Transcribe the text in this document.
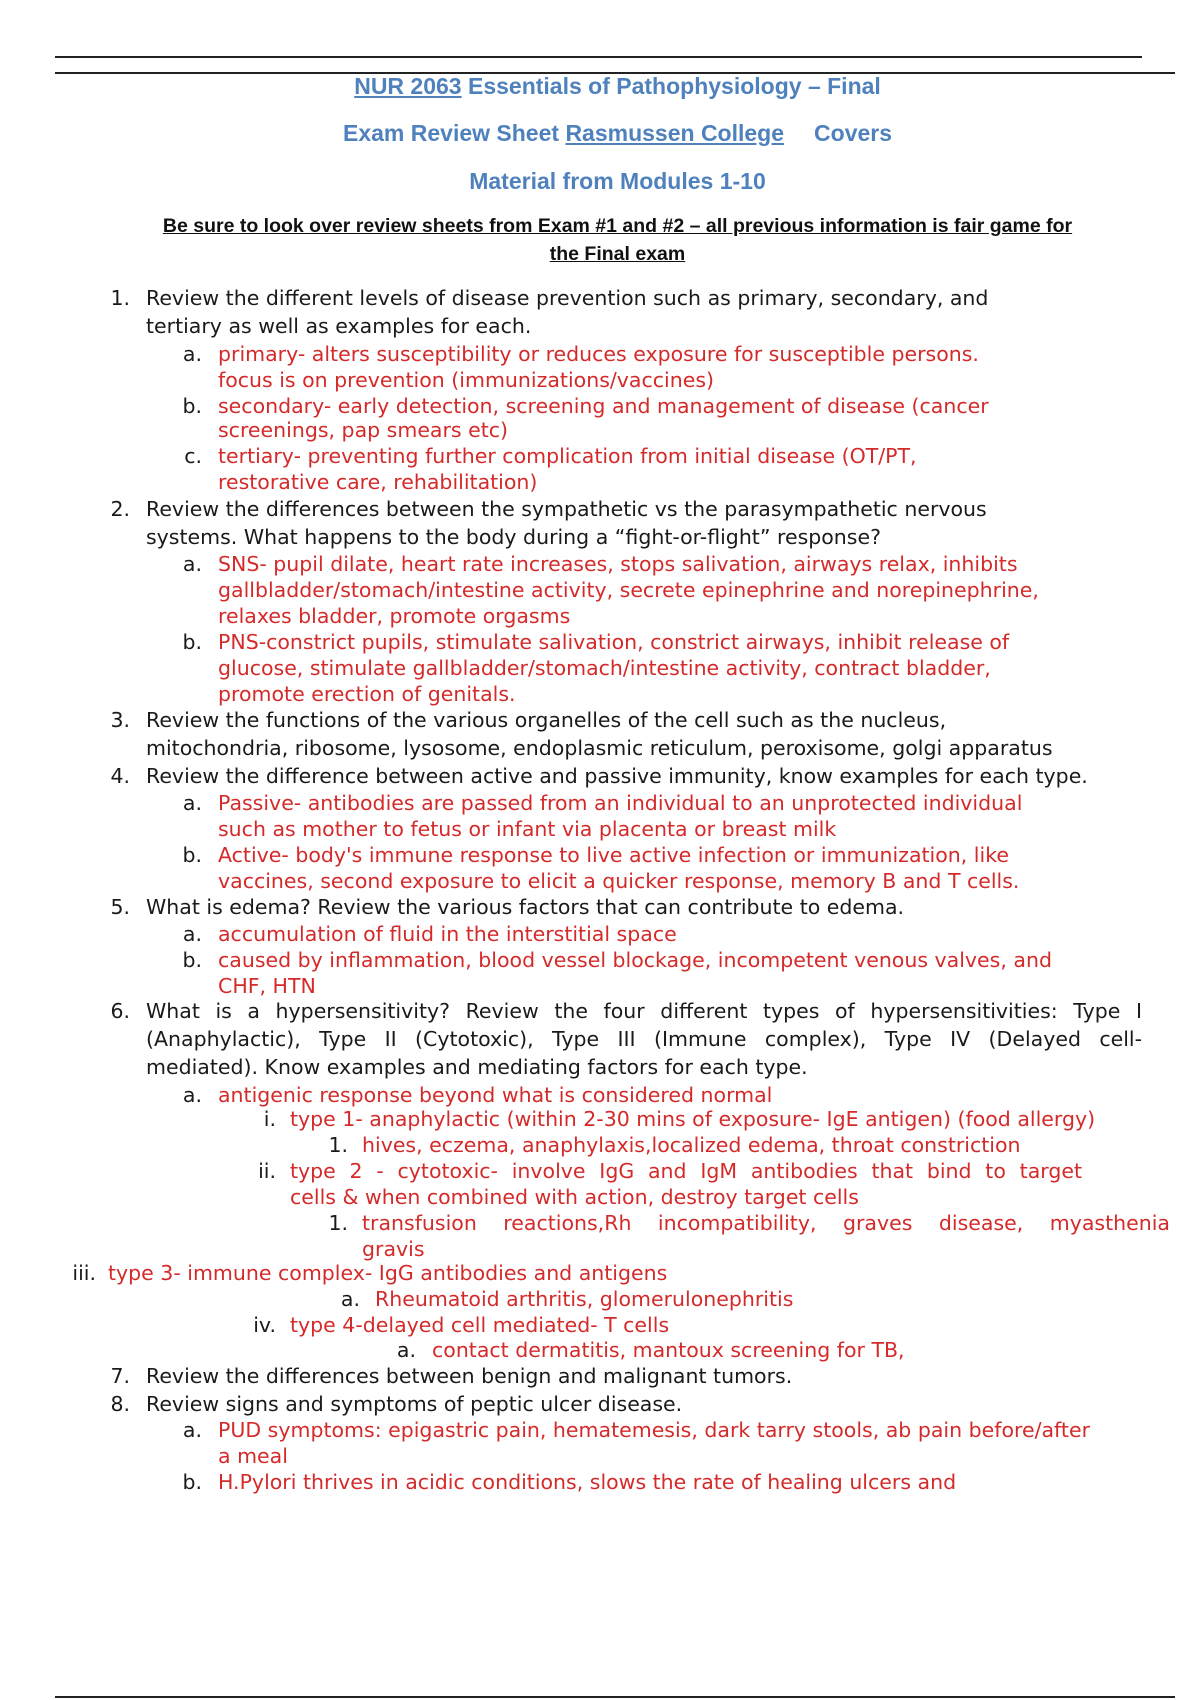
NUR 2063 Essentials of Pathophysiology – Final
Exam Review Sheet Rasmussen College Covers
Material from Modules 1-10
Be sure to look over review sheets from Exam #1 and #2 – all previous information is fair game for
the Final exam
1. Review the different levels of disease prevention such as primary, secondary, and
tertiary as well as examples for each.
a. primary- alters susceptibility or reduces exposure for susceptible persons.
focus is on prevention (immunizations/vaccines)
b. secondary- early detection, screening and management of disease (cancer
screenings, pap smears etc)
c. tertiary- preventing further complication from initial disease (OT/PT,
restorative care, rehabilitation)
2. Review the differences between the sympathetic vs the parasympathetic nervous
systems. What happens to the body during a “fight-or-flight” response?
a. SNS- pupil dilate, heart rate increases, stops salivation, airways relax, inhibits
gallbladder/stomach/intestine activity, secrete epinephrine and norepinephrine,
relaxes bladder, promote orgasms
b. PNS-constrict pupils, stimulate salivation, constrict airways, inhibit release of
glucose, stimulate gallbladder/stomach/intestine activity, contract bladder,
promote erection of genitals.
3. Review the functions of the various organelles of the cell such as the nucleus,
mitochondria, ribosome, lysosome, endoplasmic reticulum, peroxisome, golgi apparatus
4. Review the difference between active and passive immunity, know examples for each type.
a. Passive- antibodies are passed from an individual to an unprotected individual
such as mother to fetus or infant via placenta or breast milk
b. Active- body's immune response to live active infection or immunization, like
vaccines, second exposure to elicit a quicker response, memory B and T cells.
5. What is edema? Review the various factors that can contribute to edema.
a. accumulation of fluid in the interstitial space
b. caused by inflammation, blood vessel blockage, incompetent venous valves, and
CHF, HTN
6. What is a hypersensitivity? Review the four different types of hypersensitivities: Type I
(Anaphylactic), Type II (Cytotoxic), Type III (Immune complex), Type IV (Delayed cell-
mediated). Know examples and mediating factors for each type.
a. antigenic response beyond what is considered normal
i. type 1- anaphylactic (within 2-30 mins of exposure- IgE antigen) (food allergy)
1. hives, eczema, anaphylaxis,localized edema, throat constriction
ii. type 2 - cytotoxic- involve IgG and IgM antibodies that bind to target
cells & when combined with action, destroy target cells
1. transfusion reactions,Rh incompatibility, graves disease, myasthenia
gravis
iii. type 3- immune complex- IgG antibodies and antigens
a. Rheumatoid arthritis, glomerulonephritis
iv. type 4-delayed cell mediated- T cells
a. contact dermatitis, mantoux screening for TB,
7. Review the differences between benign and malignant tumors.
8. Review signs and symptoms of peptic ulcer disease.
a. PUD symptoms: epigastric pain, hematemesis, dark tarry stools, ab pain before/after
a meal
b. H.Pylori thrives in acidic conditions, slows the rate of healing ulcers and
